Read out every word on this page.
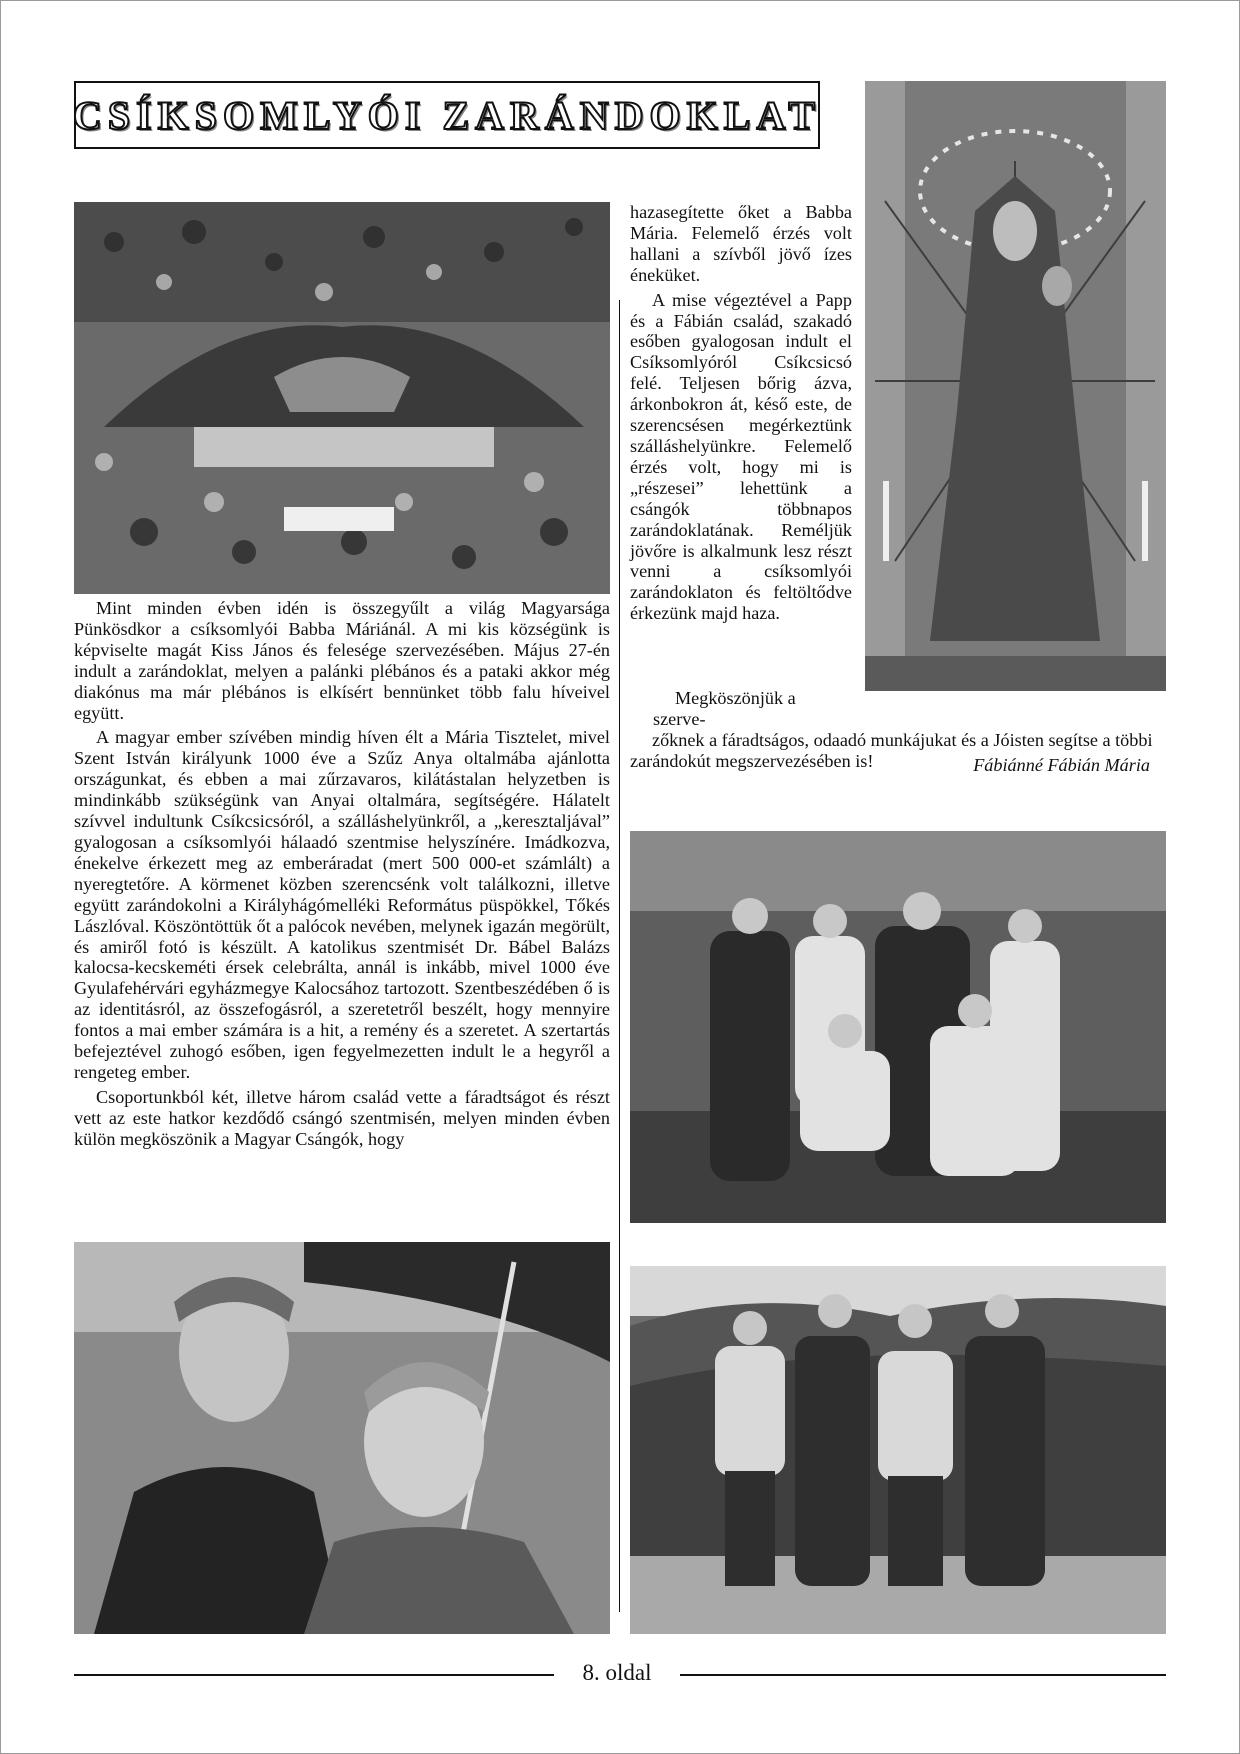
CSÍKSOMLYÓI ZARÁNDOKLAT

Mint minden évben idén is összegyűlt a világ Magyarsága Pünkösdkor a csíksomlyói Babba Máriánál. A mi kis községünk is képviselte magát Kiss János és felesége szervezésében. Május 27-én indult a zarándoklat, melyen a palánki plébános és a pataki akkor még diakónus ma már plébános is elkísért bennünket több falu híveivel együtt.

A magyar ember szívében mindig híven élt a Mária Tisztelet, mivel Szent István királyunk 1000 éve a Szűz Anya oltalmába ajánlotta országunkat, és ebben a mai zűrzavaros, kilátástalan helyzetben is mindinkább szükségünk van Anyai oltalmára, segítségére. Hálatelt szívvel indultunk Csíkcsicsóról, a szálláshelyünkről, a „keresztaljával” gyalogosan a csíksomlyói hálaadó szentmise helyszínére. Imádkozva, énekelve érkezett meg az emberáradat (mert 500 000-et számlált) a nyeregtetőre. A körmenet közben szerencsénk volt találkozni, illetve együtt zarándokolni a Királyhágómelléki Református püspökkel, Tőkés Lászlóval. Köszöntöttük őt a palócok nevében, melynek igazán megörült, és amiről fotó is készült. A katolikus szentmisét Dr. Bábel Balázs kalocsa-kecskeméti érsek celebrálta, annál is inkább, mivel 1000 éve Gyulafehérvári egyházmegye Kalocsához tartozott. Szentbeszédében ő is az identitásról, az összefogásról, a szeretetről beszélt, hogy mennyire fontos a mai ember számára is a hit, a remény és a szeretet. A szertartás befejeztével zuhogó esőben, igen fegyelmezetten indult le a hegyről a rengeteg ember.

Csoportunkból két, illetve három család vette a fáradtságot és részt vett az este hatkor kezdődő csángó szentmisén, melyen minden évben külön megköszönik a Magyar Csángók, hogy

hazasegítette őket a Babba Mária. Felemelő érzés volt hallani a szívből jövő ízes éneküket.

A mise végeztével a Papp és a Fábián család, szakadó esőben gyalogosan indult el Csíksomlyóról Csíkcsicsó felé. Teljesen bőrig ázva, árkonbokron át, késő este, de szerencsésen megérkeztünk szálláshelyünkre. Felemelő érzés volt, hogy mi is „részesei” lehettünk a csángók többnapos zarándoklatának. Reméljük jövőre is alkalmunk lesz részt venni a csíksomlyói zarándoklaton és feltöltődve érkezünk majd haza.

Megköszönjük a szerve-

zőknek a fáradtságos, odaadó munkájukat és a Jóisten segítse a többi zarándokút megszervezésében is!	Fábiánné Fábián Mária
8. oldal
